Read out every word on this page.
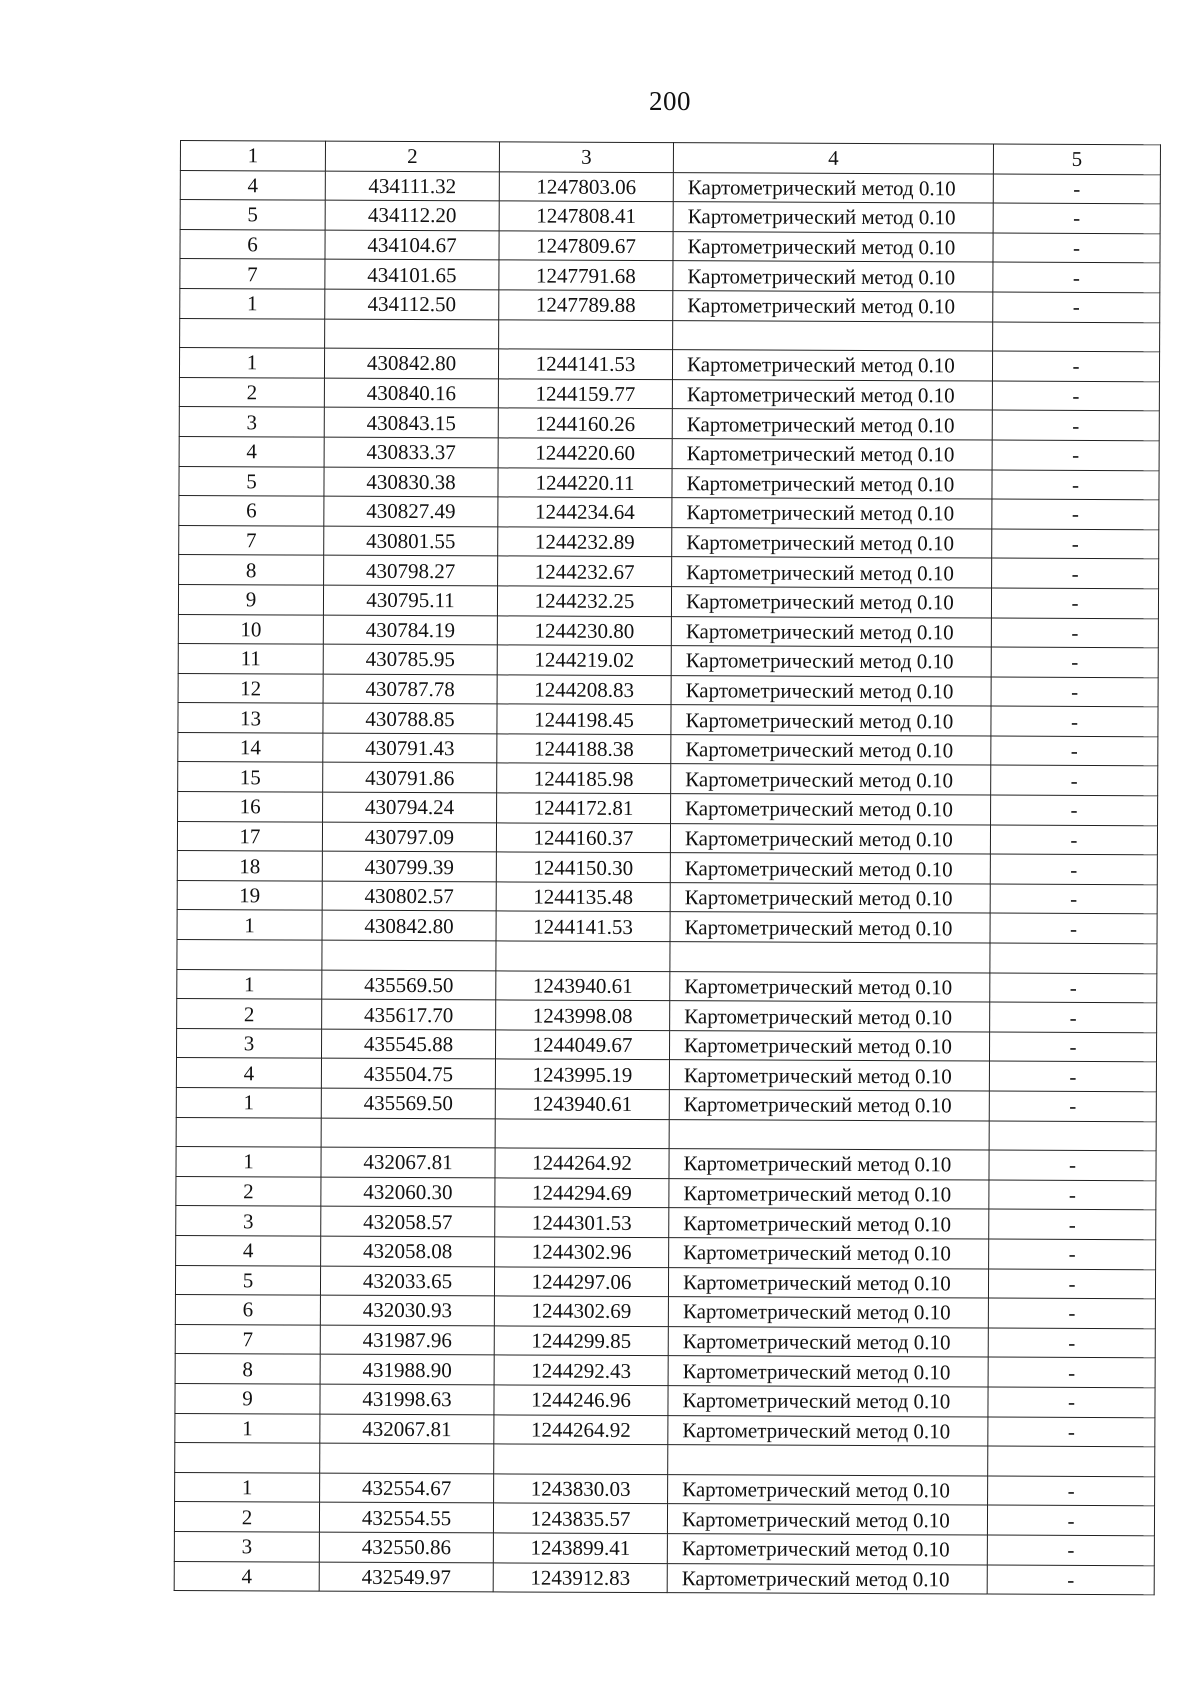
200
1	2	3	4	5
4	434111.32	1247803.06	Картометрический метод 0.10	-
5	434112.20	1247808.41	Картометрический метод 0.10	-
6	434104.67	1247809.67	Картометрический метод 0.10	-
7	434101.65	1247791.68	Картометрический метод 0.10	-
1	434112.50	1247789.88	Картометрический метод 0.10	-

1	430842.80	1244141.53	Картометрический метод 0.10	-
2	430840.16	1244159.77	Картометрический метод 0.10	-
3	430843.15	1244160.26	Картометрический метод 0.10	-
4	430833.37	1244220.60	Картометрический метод 0.10	-
5	430830.38	1244220.11	Картометрический метод 0.10	-
6	430827.49	1244234.64	Картометрический метод 0.10	-
7	430801.55	1244232.89	Картометрический метод 0.10	-
8	430798.27	1244232.67	Картометрический метод 0.10	-
9	430795.11	1244232.25	Картометрический метод 0.10	-
10	430784.19	1244230.80	Картометрический метод 0.10	-
11	430785.95	1244219.02	Картометрический метод 0.10	-
12	430787.78	1244208.83	Картометрический метод 0.10	-
13	430788.85	1244198.45	Картометрический метод 0.10	-
14	430791.43	1244188.38	Картометрический метод 0.10	-
15	430791.86	1244185.98	Картометрический метод 0.10	-
16	430794.24	1244172.81	Картометрический метод 0.10	-
17	430797.09	1244160.37	Картометрический метод 0.10	-
18	430799.39	1244150.30	Картометрический метод 0.10	-
19	430802.57	1244135.48	Картометрический метод 0.10	-
1	430842.80	1244141.53	Картометрический метод 0.10	-

1	435569.50	1243940.61	Картометрический метод 0.10	-
2	435617.70	1243998.08	Картометрический метод 0.10	-
3	435545.88	1244049.67	Картометрический метод 0.10	-
4	435504.75	1243995.19	Картометрический метод 0.10	-
1	435569.50	1243940.61	Картометрический метод 0.10	-

1	432067.81	1244264.92	Картометрический метод 0.10	-
2	432060.30	1244294.69	Картометрический метод 0.10	-
3	432058.57	1244301.53	Картометрический метод 0.10	-
4	432058.08	1244302.96	Картометрический метод 0.10	-
5	432033.65	1244297.06	Картометрический метод 0.10	-
6	432030.93	1244302.69	Картометрический метод 0.10	-
7	431987.96	1244299.85	Картометрический метод 0.10	-
8	431988.90	1244292.43	Картометрический метод 0.10	-
9	431998.63	1244246.96	Картометрический метод 0.10	-
1	432067.81	1244264.92	Картометрический метод 0.10	-

1	432554.67	1243830.03	Картометрический метод 0.10	-
2	432554.55	1243835.57	Картометрический метод 0.10	-
3	432550.86	1243899.41	Картометрический метод 0.10	-
4	432549.97	1243912.83	Картометрический метод 0.10	-
